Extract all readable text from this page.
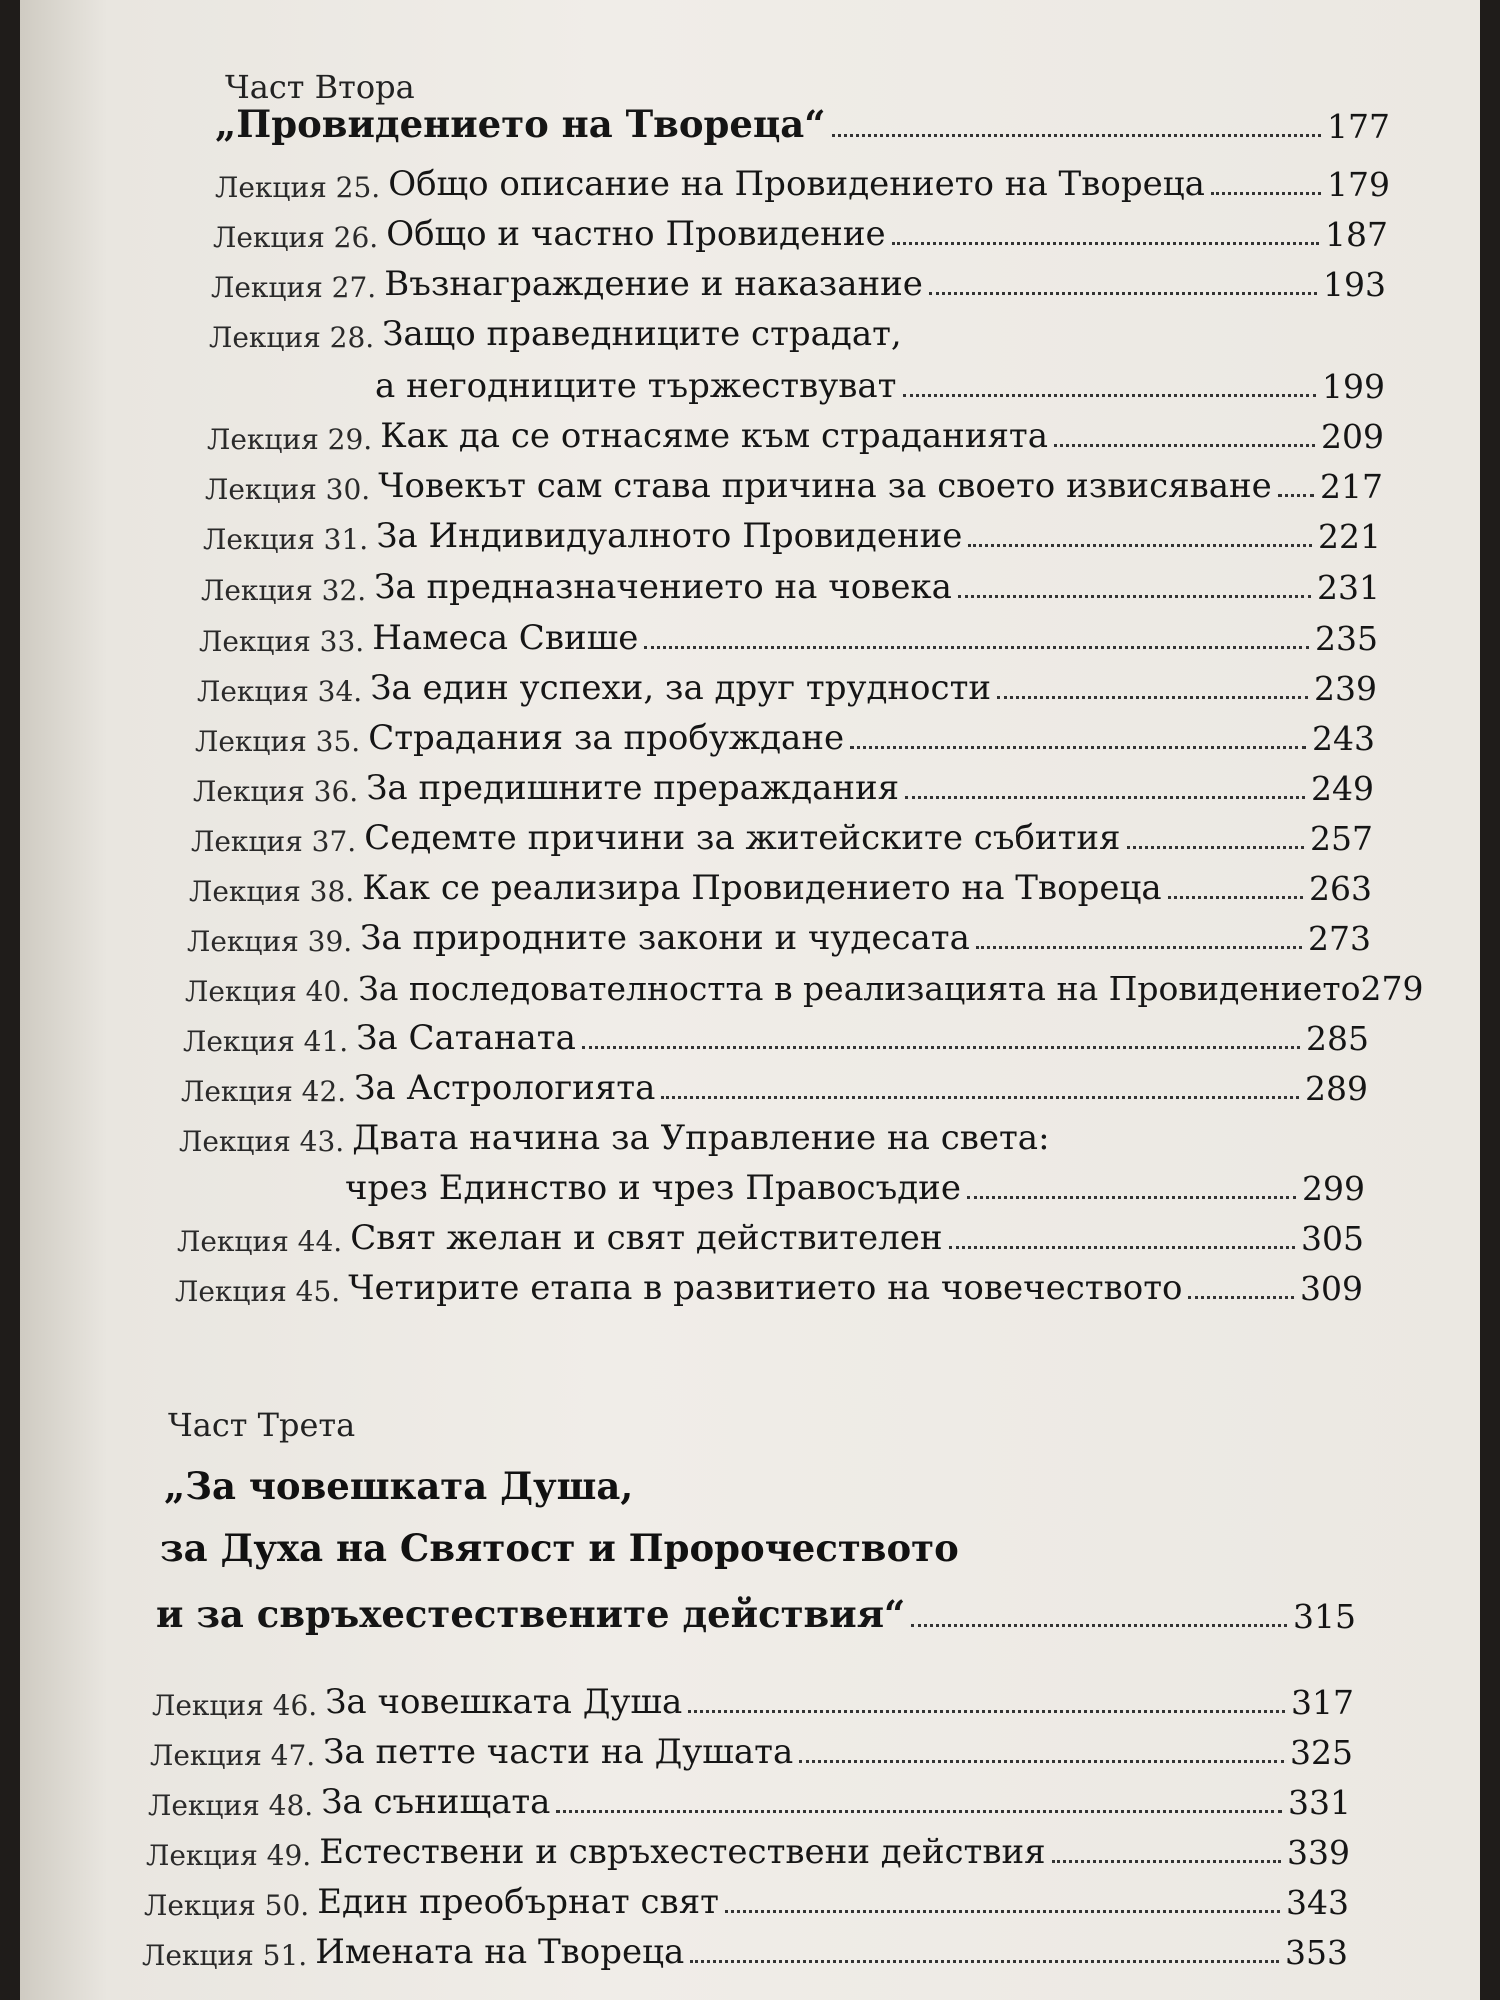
Част Втора
„Провидението на Твореца“	177
Лекция 25. Общо описание на Провидението на Твореца	179
Лекция 26. Общо и частно Провидение	187
Лекция 27. Възнаграждение и наказание	193
Лекция 28. Защо праведниците страдат,
а негодниците тържествуват	199
Лекция 29. Как да се отнасяме към страданията	209
Лекция 30. Човекът сам става причина за своето извисяване 217
Лекция 31. За Индивидуалното Провидение	221
Лекция 32. За предназначението на човека	231
Лекция 33. Намеса Свише	235
Лекция 34. За един успехи, за друг трудности	239
Лекция 35. Страдания за пробуждане	243
Лекция 36. За предишните прераждания	249
Лекция 37. Седемте причини за житейските събития	257
Лекция 38. Как се реализира Провидението на Твореца	263
Лекция 39. За природните закони и чудесата	273
Лекция 40. За последователността в реализацията на Провидението 279
Лекция 41. За Сатаната	285
Лекция 42. За Астрологията	289
Лекция 43. Двата начина за Управление на света:
чрез Единство и чрез Правосъдие	299
Лекция 44. Свят желан и свят действителен	305
Лекция 45. Четирите етапа в развитието на човечеството	309
Част Трета
„За човешката Душа,
за Духа на Святост и Пророчеството
и за свръхестествените действия“	315
Лекция 46. За човешката Душа	317
Лекция 47. За петте части на Душата	325
Лекция 48. За сънищата	331
Лекция 49. Естествени и свръхестествени действия	339
Лекция 50. Един преобърнат свят	343
Лекция 51. Имената на Твореца	353
